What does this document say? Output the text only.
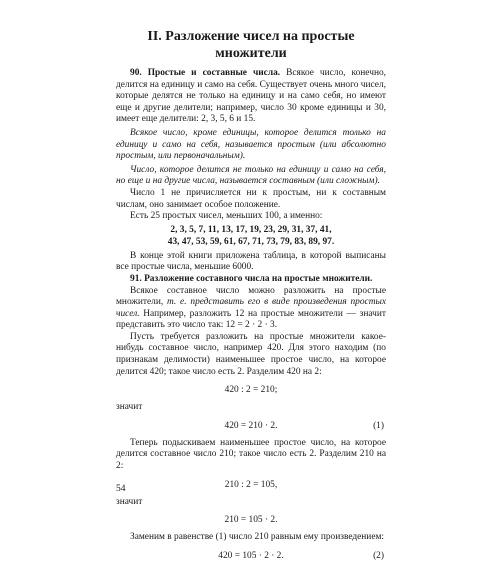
II. Разложение чисел на простые множители

90. Простые и составные числа. Всякое число, конечно, делится на единицу и само на себя. Существует очень много чисел, которые делятся не только на единицу и на само себя, но имеют еще и другие делители; например, число 30 кроме единицы и 30, имеет еще делители: 2, 3, 5, 6 и 15.

Всякое число, кроме единицы, которое делится только на единицу и само на себя, называется простым (или абсолютно простым, или первоначальным).

Число, которое делится не только на единицу и само на себя, но еще и на другие числа, называется составным (или сложным).

Число 1 не причисляется ни к простым, ни к составным числам, оно занимает особое положение.

Есть 25 простых чисел, меньших 100, а именно:

2, 3, 5, 7, 11, 13, 17, 19, 23, 29, 31, 37, 41,
43, 47, 53, 59, 61, 67, 71, 73, 79, 83, 89, 97.

В конце этой книги приложена таблица, в которой выписаны все простые числа, меньшие 6000.

91. Разложение составного числа на простые множители.

Всякое составное число можно разложить на простые множители, т. е. представить его в виде произведения простых чисел. Например, разложить 12 на простые множители — значит представить это число так: 12 = 2 · 2 · 3.

Пусть требуется разложить на простые множители какое-нибудь составное число, например 420. Для этого находим (по признакам делимости) наименьшее простое число, на которое делится 420; такое число есть 2. Разделим 420 на 2:

420 : 2 = 210;
значит
420 = 210 · 2.	(1)

Теперь подыскиваем наименьшее простое число, на которое делится составное число 210; такое число есть 2. Разделим 210 на 2:

210 : 2 = 105,
значит
210 = 105 · 2.

Заменим в равенстве (1) число 210 равным ему произведением:

420 = 105 · 2 · 2.	(2)
54
